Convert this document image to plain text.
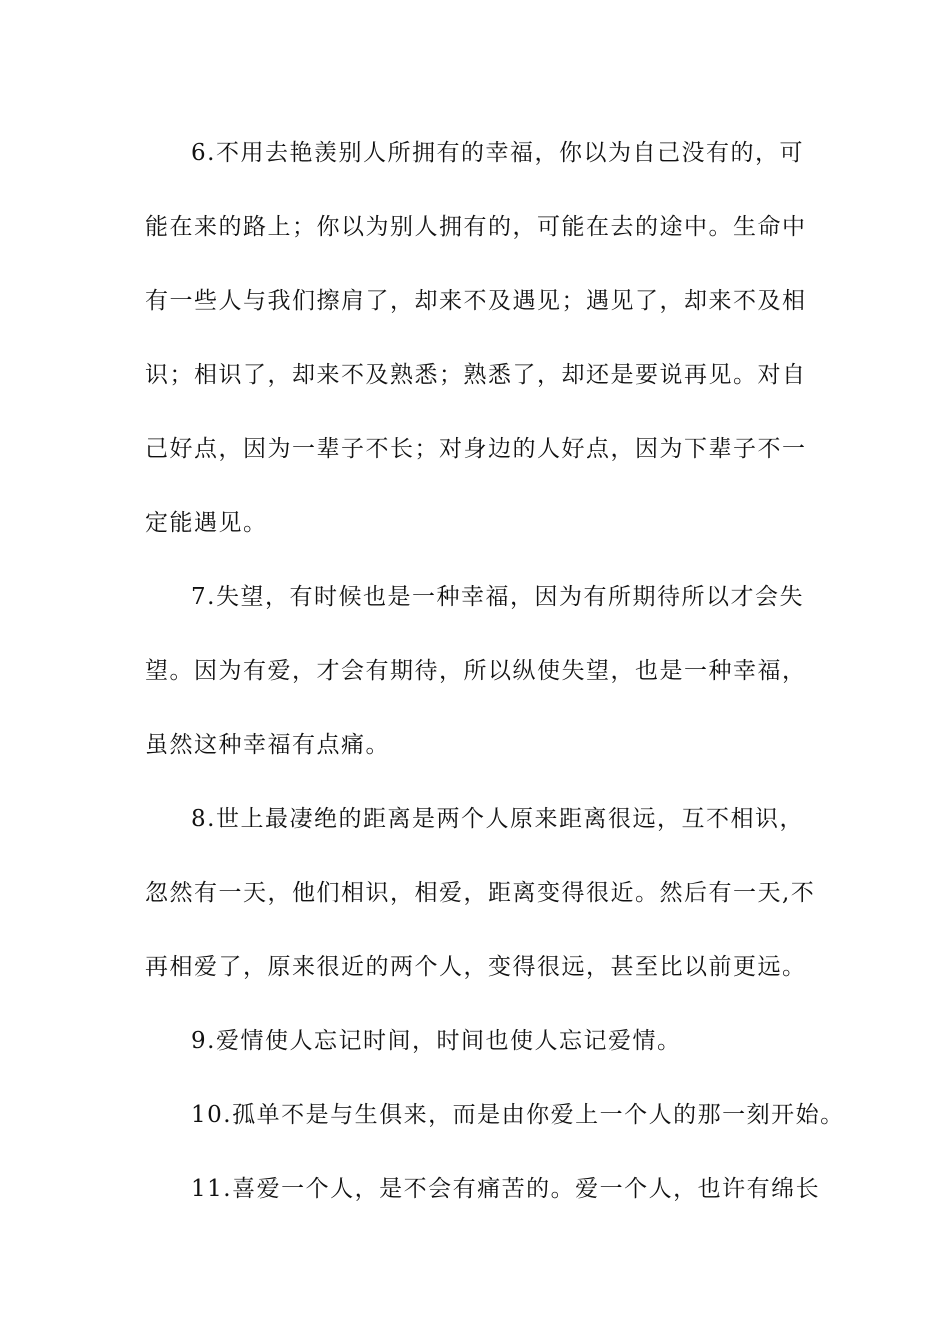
6.不用去艳羡别人所拥有的幸福，你以为自己没有的，可
能在来的路上；你以为别人拥有的，可能在去的途中。生命中
有一些人与我们擦肩了，却来不及遇见；遇见了，却来不及相
识；相识了，却来不及熟悉；熟悉了，却还是要说再见。对自
己好点，因为一辈子不长；对身边的人好点，因为下辈子不一
定能遇见。
7.失望，有时候也是一种幸福，因为有所期待所以才会失
望。因为有爱，才会有期待，所以纵使失望，也是一种幸福，
虽然这种幸福有点痛。
8.世上最凄绝的距离是两个人原来距离很远，互不相识，
忽然有一天，他们相识，相爱，距离变得很近。然后有一天,不
再相爱了，原来很近的两个人，变得很远，甚至比以前更远。
9.爱情使人忘记时间，时间也使人忘记爱情。
10.孤单不是与生俱来，而是由你爱上一个人的那一刻开始。
11.喜爱一个人，是不会有痛苦的。爱一个人，也许有绵长
